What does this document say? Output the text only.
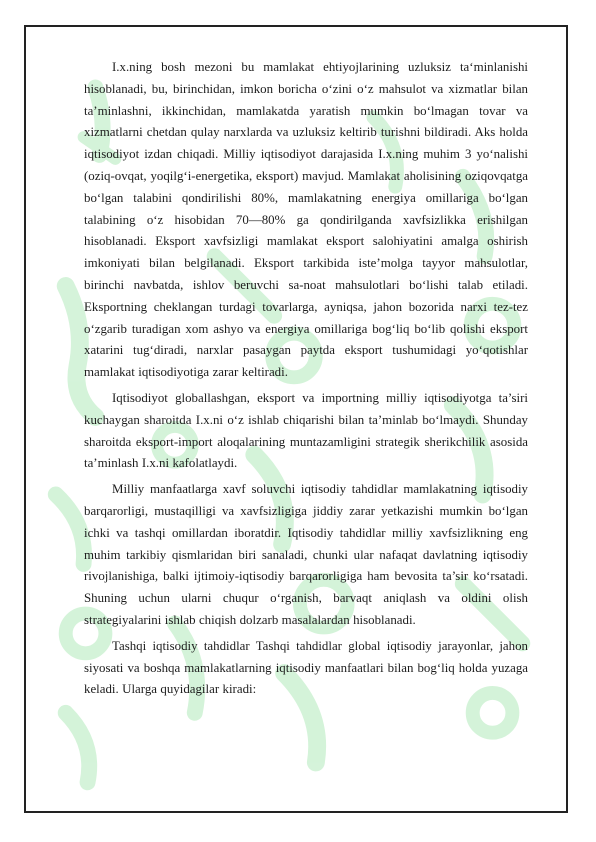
I.x.ning bosh mezoni bu mamlakat ehtiyojlarining uzluksiz ta‘minlanishi hisoblanadi, bu, birinchidan, imkon boricha o‘zini o‘z mahsulot va xizmatlar bilan ta’minlashni, ikkinchidan, mamlakatda yaratish mumkin bo‘lmagan tovar va xizmatlarni chetdan qulay narxlarda va uzluksiz keltirib turishni bildiradi. Aks holda iqtisodiyot izdan chiqadi. Milliy iqtisodiyot darajasida I.x.ning muhim 3 yo‘nalishi (oziq-ovqat, yoqilg‘i-energetika, eksport) mavjud. Mamlakat aholisining oziqovqatga bo‘lgan talabini qondirilishi 80%, mamlakatning energiya omillariga bo‘lgan talabining o‘z hisobidan 70—80% ga qondirilganda xavfsizlikka erishilgan hisoblanadi. Eksport xavfsizligi mamlakat eksport salohiyatini amalga oshirish imkoniyati bilan belgilanadi. Eksport tarkibida iste’molga tayyor mahsulotlar, birinchi navbatda, ishlov beruvchi sa-noat mahsulotlari bo‘lishi talab etiladi. Eksportning cheklangan turdagi tovarlarga, ayniqsa, jahon bozorida narxi tez-tez o‘zgarib turadigan xom ashyo va energiya omillariga bog‘liq bo‘lib qolishi eksport xatarini tug‘diradi, narxlar pasaygan paytda eksport tushumidagi yo‘qotishlar mamlakat iqtisodiyotiga zarar keltiradi.

Iqtisodiyot globallashgan, eksport va importning milliy iqtisodiyotga ta’siri kuchaygan sharoitda I.x.ni o‘z ishlab chiqarishi bilan ta’minlab bo‘lmaydi. Shunday sharoitda eksport-import aloqalarining muntazamligini strategik sherikchilik asosida ta’minlash I.x.ni kafolatlaydi.

Milliy manfaatlarga xavf soluvchi iqtisodiy tahdidlar mamlakatning iqtisodiy barqarorligi, mustaqilligi va xavfsizligiga jiddiy zarar yetkazishi mumkin bo‘lgan ichki va tashqi omillardan iboratdir. Iqtisodiy tahdidlar milliy xavfsizlikning eng muhim tarkibiy qismlaridan biri sanaladi, chunki ular nafaqat davlatning iqtisodiy rivojlanishiga, balki ijtimoiy-iqtisodiy barqarorligiga ham bevosita ta’sir ko‘rsatadi. Shuning uchun ularni chuqur o‘rganish, barvaqt aniqlash va oldini olish strategiyalarini ishlab chiqish dolzarb masalalardan hisoblanadi.

Tashqi iqtisodiy tahdidlar Tashqi tahdidlar global iqtisodiy jarayonlar, jahon siyosati va boshqa mamlakatlarning iqtisodiy manfaatlari bilan bog‘liq holda yuzaga keladi. Ularga quyidagilar kiradi:
